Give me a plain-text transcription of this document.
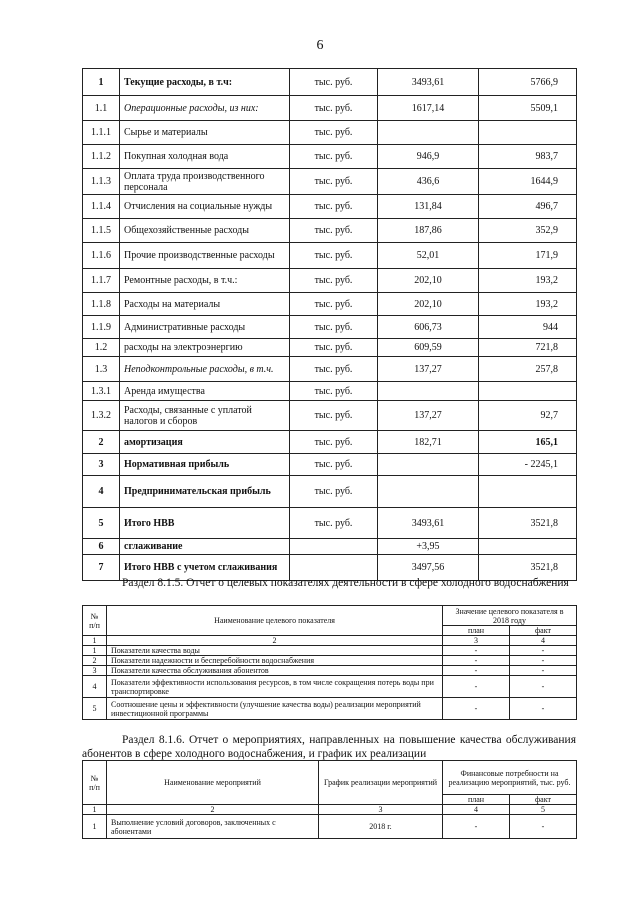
6
1	Текущие расходы, в т.ч:	тыс. руб.	3493,61	5766,9
1.1	Операционные расходы, из них:	тыс. руб.	1617,14	5509,1
1.1.1	Сырье и материалы	тыс. руб.		
1.1.2	Покупная холодная вода	тыс. руб.	946,9	983,7
1.1.3	Оплата труда производственного персонала	тыс. руб.	436,6	1644,9
1.1.4	Отчисления на социальные нужды	тыс. руб.	131,84	496,7
1.1.5	Общехозяйственные расходы	тыс. руб.	187,86	352,9
1.1.6	Прочие производственные расходы	тыс. руб.	52,01	171,9
1.1.7	Ремонтные расходы, в т.ч.:	тыс. руб.	202,10	193,2
1.1.8	Расходы на материалы	тыс. руб.	202,10	193,2
1.1.9	Административные расходы	тыс. руб.	606,73	944
1.2	расходы на электроэнергию	тыс. руб.	609,59	721,8
1.3	Неподконтрольные расходы, в т.ч.	тыс. руб.	137,27	257,8
1.3.1	Аренда имущества	тыс. руб.		
1.3.2	Расходы, связанные с уплатой налогов и сборов	тыс. руб.	137,27	92,7
2	амортизация	тыс. руб.	182,71	165,1
3	Нормативная прибыль	тыс. руб.		- 2245,1
4	Предпринимательская прибыль	тыс. руб.		
5	Итого НВВ	тыс. руб.	3493,61	3521,8
6	сглаживание		+3,95	
7	Итого НВВ с учетом сглаживания		3497,56	3521,8
Раздел 8.1.5. Отчет о целевых показателях деятельности в сфере холодного водоснабжения
№ п/п	Наименование целевого показателя	Значение целевого показателя в 2018 году	
		план	факт
1	2	3	4
1	Показатели качества воды	-	-
2	Показатели надежности и бесперебойности водоснабжения	-	-
3	Показатели качества обслуживания абонентов	-	-
4	Показатели эффективности использования ресурсов, в том числе сокращения потерь воды при транспортировке	-	-
5	Соотношение цены и эффективности (улучшение качества воды) реализации мероприятий инвестиционной программы	-	-
Раздел 8.1.6. Отчет о мероприятиях, направленных на повышение качества обслуживания абонентов в сфере холодного водоснабжения, и график их реализации
№ п/п	Наименование мероприятий	График реализации мероприятий	Финансовые потребности на реализацию мероприятий, тыс. руб.	
			план	факт
1	2	3	4	5
1	Выполнение условий договоров, заключенных с абонентами	2018 г.	-	-
